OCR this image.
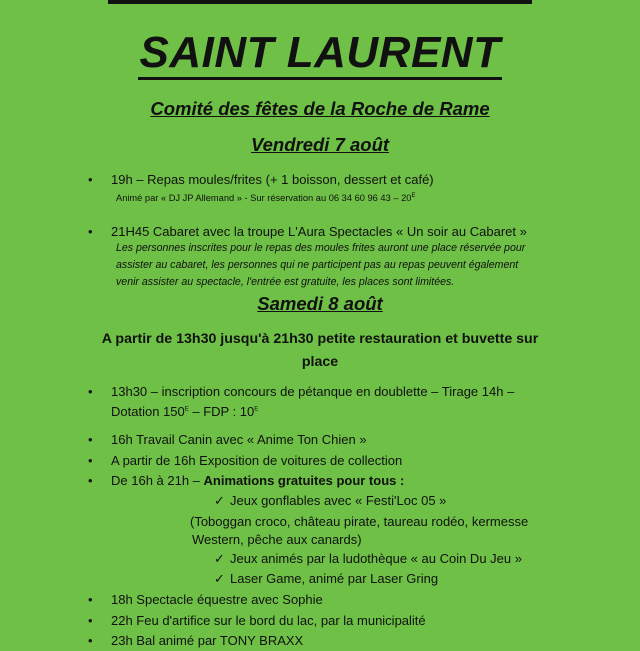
SAINT LAURENT
Comité des fêtes de la Roche de Rame
Vendredi 7 août
•	19h – Repas moules/frites (+ 1 boisson, dessert et café)
Animé par « DJ JP Allemand » - Sur réservation au 06 34 60 96 $43 - 20^E$
•	21H45 Cabaret avec la troupe L'Aura Spectacles « Un soir au Cabaret »
Les personnes inscrites pour le repas des moules frites auront une place réservée pour
assister au cabaret, les personnes qui ne participent pas au repas peuvent également
venir assister au spectacle, l'entrée est gratuite, les places sont limitées.
Samedi 8 août
A partir de 13h30 jusqu'à 21h30 petite restauration et buvette sur
place
•	13h30 – inscription concours de pétanque en doublette – Tirage 14h –
Dotation $150^E$ – FDP : $10^E$
•	16h Travail Canin avec « Anime Ton Chien »
•	A partir de 16h Exposition de voitures de collection
•	De 16h à 21h – Animations gratuites pour tous :
✓ Jeux gonflables avec « Festi'Loc 05 »
(Toboggan croco, château pirate, taureau rodéo, kermesse
Western, pêche aux canards)
✓ Jeux animés par la ludothèque « au Coin Du Jeu »
✓ Laser Game, animé par Laser Gring
•	18h Spectacle équestre avec Sophie
•	22h Feu d'artifice sur le bord du lac, par la municipalité
•	23h Bal animé par TONY BRAXX
